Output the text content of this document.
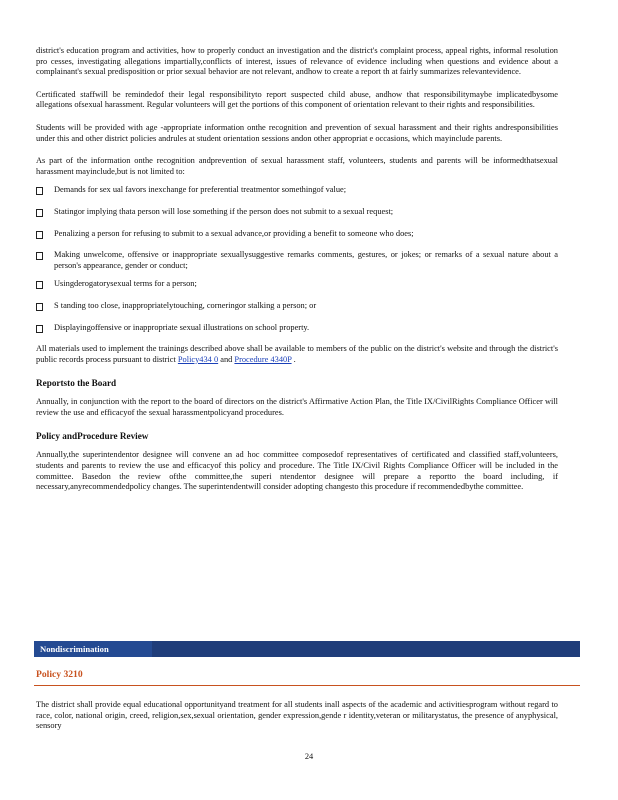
district's education program and activities, how to properly conduct an investigation and the district's complaint process, appeal rights, informal resolution pro cesses, investigating allegations impartially,conflicts of interest, issues of relevance of evidence including when questions and evidence about a complainant's sexual predisposition or prior sexual behavior are not relevant, andhow to create a report th at fairly summarizes relevantevidence.

Certificated staffwill be remindedof their legal responsibilityto report suspected child abuse, andhow that responsibilitymaybe implicatedbysome allegations ofsexual harassment. Regular volunteers will get the portions of this component of orientation relevant to their rights and responsibilities.

Students will be provided with age -appropriate information onthe recognition and prevention of sexual harassment and their rights andresponsibilities under this and other district policies andrules at student orientation sessions andon other appropriat e occasions, which mayinclude parents.

As part of the information onthe recognition andprevention of sexual harassment staff, volunteers, students and parents will be informedthatsexual harassment mayinclude,but is not limited to:

Demands for sex ual favors inexchange for preferential treatmentor somethingof value;
Statingor implying thata person will lose something if the person does not submit to a sexual request;
Penalizing a person for refusing to submit to a sexual advance,or providing a benefit to someone who does;
Making unwelcome, offensive or inappropriate sexuallysuggestive remarks comments, gestures, or jokes; or remarks of a sexual nature about a person's appearance, gender or conduct;
Usingderogatorysexual terms for a person;
S tanding too close, inappropriatelytouching, corneringor stalking a person; or
Displayingoffensive or inappropriate sexual illustrations on school property.

All materials used to implement the trainings described above shall be available to members of the public on the district's website and through the district's public records process pursuant to district Policy434 0 and Procedure 4340P .

Reportsto the Board

Annually, in conjunction with the report to the board of directors on the district's Affirmative Action Plan, the Title IX/CivilRights Compliance Officer will review the use and efficacyof the sexual harassmentpolicyand procedures.

Policy andProcedure Review

Annually,the superintendentor designee will convene an ad hoc committee composedof representatives of certificated and classified staff,volunteers, students and parents to review the use and efficacyof this policy and procedure. The Title IX/Civil Rights Compliance Officer will be included in the committee. Basedon the review ofthe committee,the superi ntendentor designee will prepare a reportto the board including, if necessary,anyrecommendedpolicy changes. The superintendentwill consider adopting changesto this procedure if recommendedbythe committee.

Nondiscrimination
Policy 3210

The district shall provide equal educational opportunityand treatment for all students inall aspects of the academic and activitiesprogram without regard to race, color, national origin, creed, religion,sex,sexual orientation, gender expression,gende r identity,veteran or militarystatus, the presence of anyphysical, sensory

24
